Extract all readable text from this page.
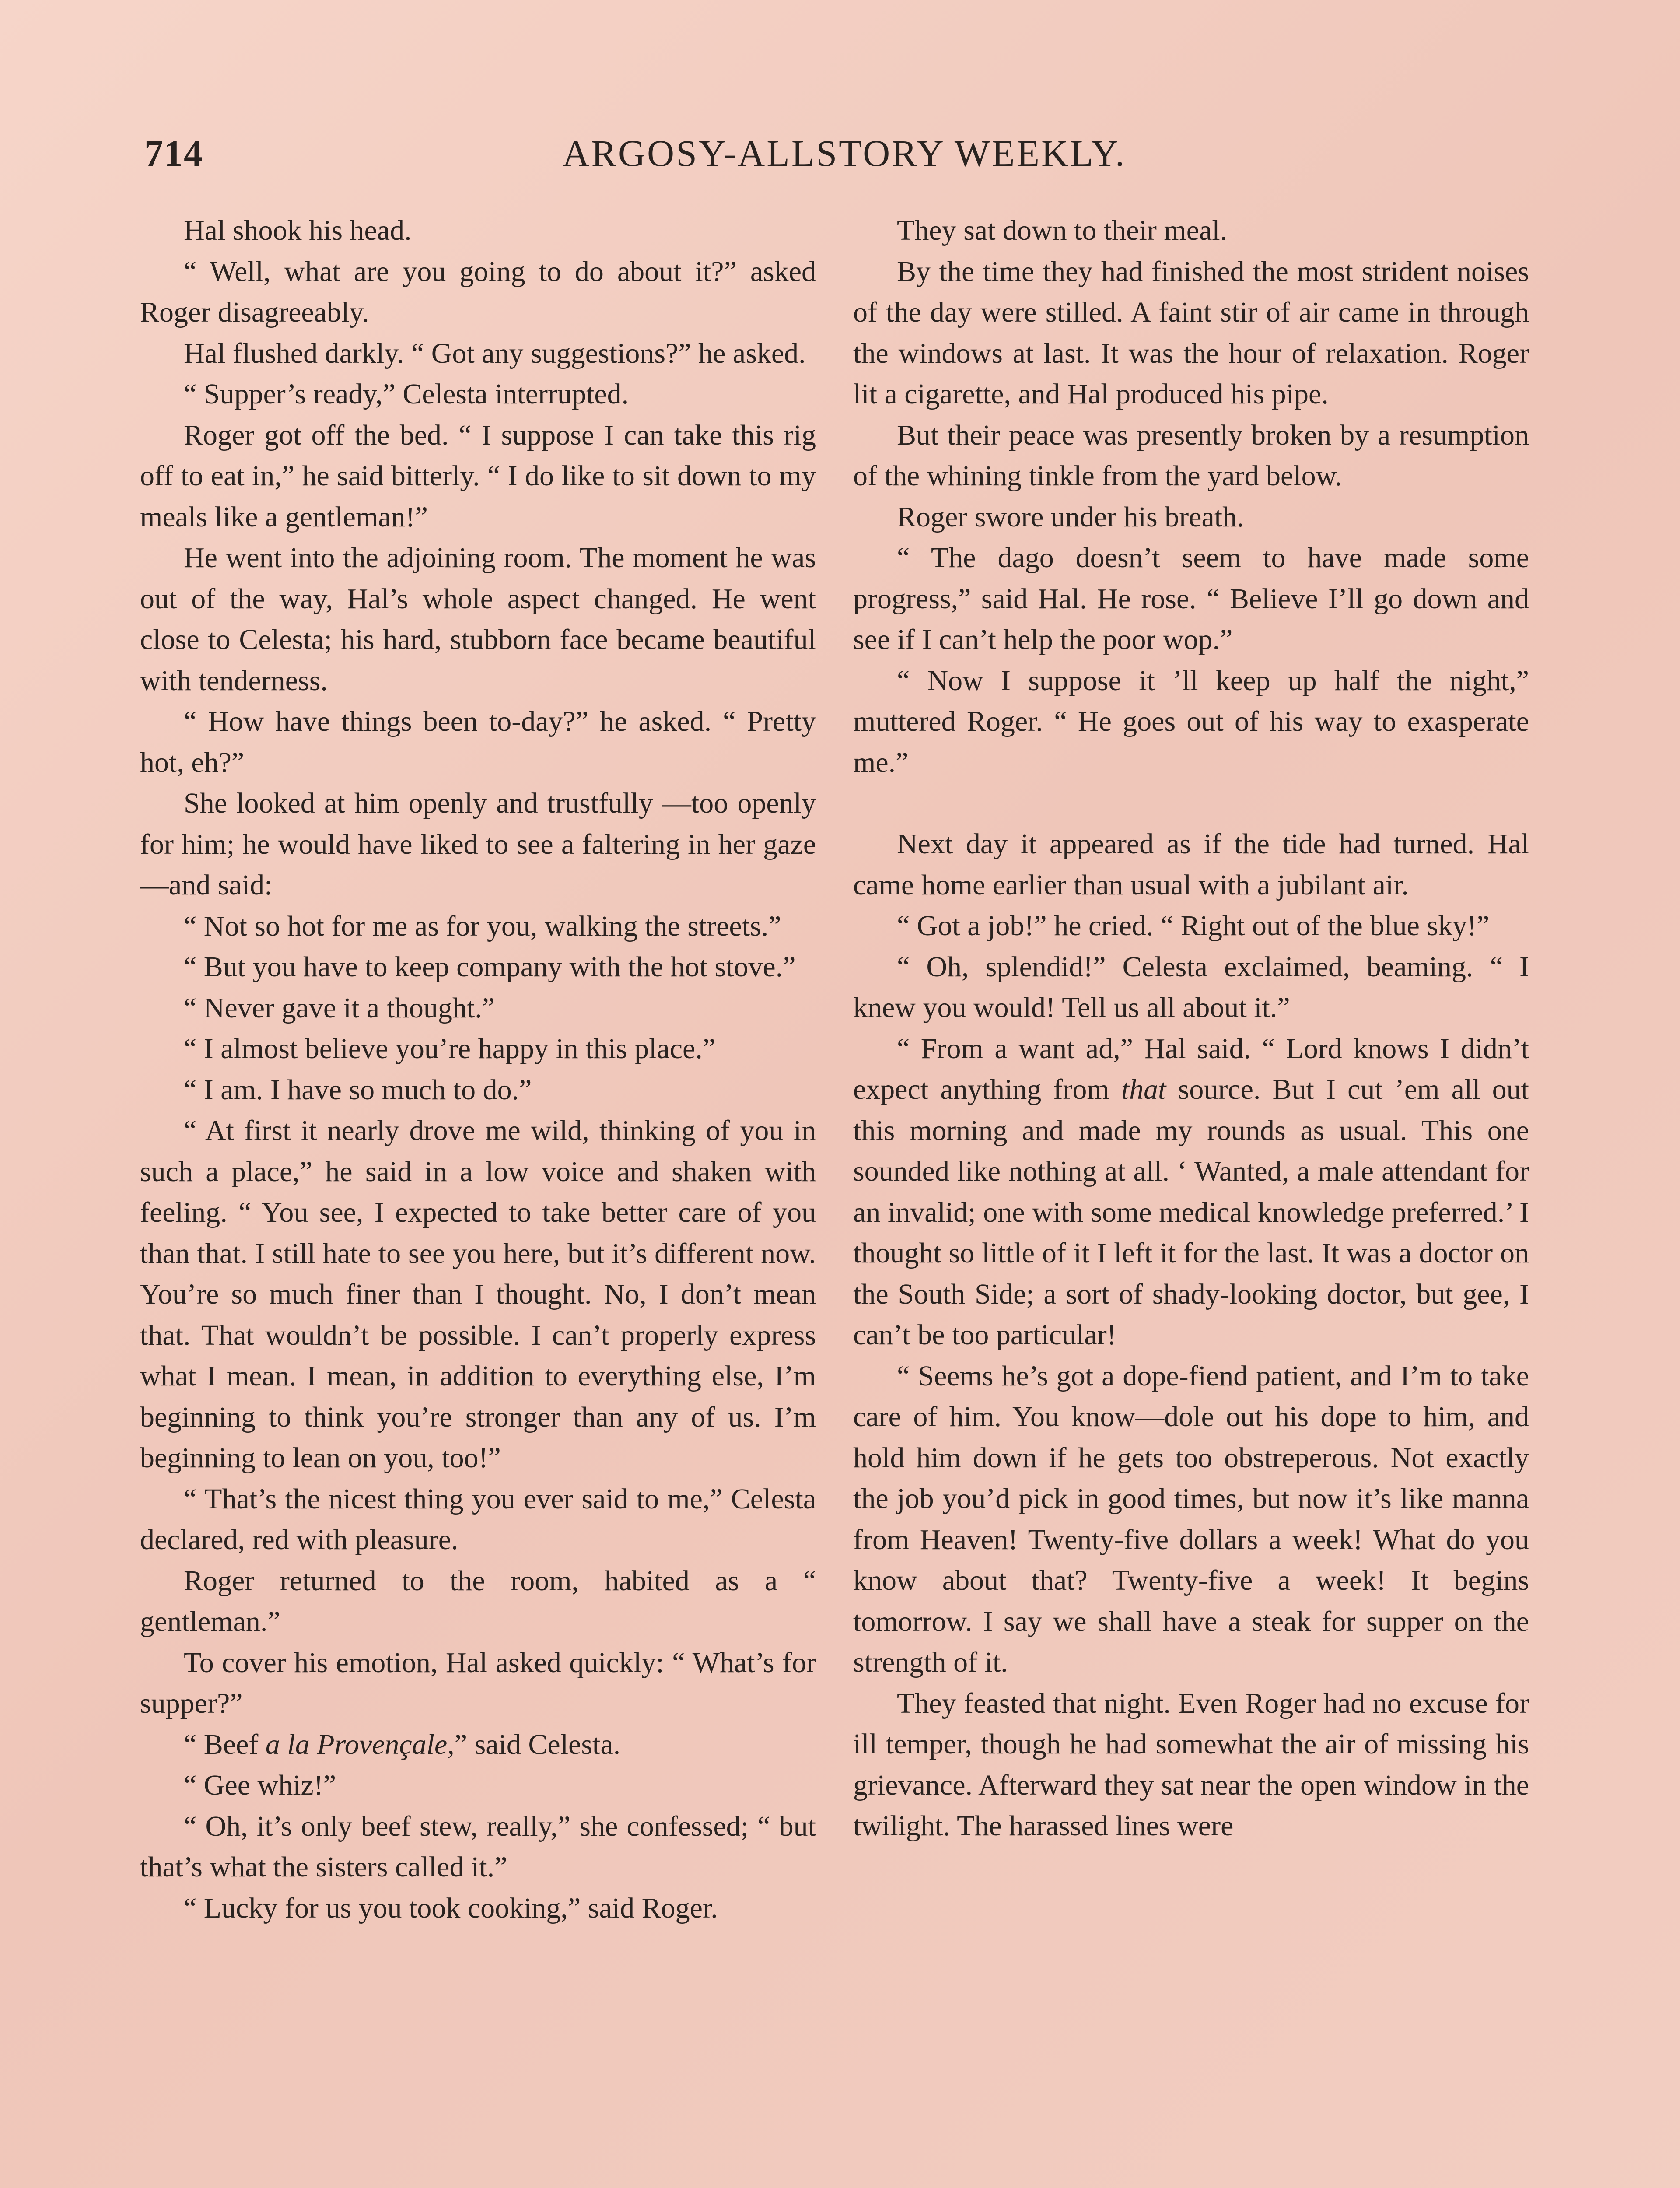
714	ARGOSY-ALLSTORY WEEKLY.

Hal shook his head.

“ Well, what are you going to do about it?” asked Roger disagreeably.

Hal flushed darkly. “ Got any suggestions?” he asked.

“ Supper’s ready,” Celesta interrupted.

Roger got off the bed. “ I suppose I can take this rig off to eat in,” he said bitterly. “ I do like to sit down to my meals like a gentleman!”

He went into the adjoining room. The moment he was out of the way, Hal’s whole aspect changed. He went close to Celesta; his hard, stubborn face became beautiful with tenderness.

“ How have things been to-day?” he asked. “ Pretty hot, eh?”

She looked at him openly and trustfully —too openly for him; he would have liked to see a faltering in her gaze—and said:

“ Not so hot for me as for you, walking the streets.”

“ But you have to keep company with the hot stove.”

“ Never gave it a thought.”

“ I almost believe you’re happy in this place.”

“ I am. I have so much to do.”

“ At first it nearly drove me wild, thinking of you in such a place,” he said in a low voice and shaken with feeling. “ You see, I expected to take better care of you than that. I still hate to see you here, but it’s different now. You’re so much finer than I thought. No, I don’t mean that. That wouldn’t be possible. I can’t properly express what I mean. I mean, in addition to everything else, I’m beginning to think you’re stronger than any of us. I’m beginning to lean on you, too!”

“ That’s the nicest thing you ever said to me,” Celesta declared, red with pleasure.

Roger returned to the room, habited as a “ gentleman.”

To cover his emotion, Hal asked quickly: “ What’s for supper?”

“ Beef a la Provençale,” said Celesta.

“ Gee whiz!”

“ Oh, it’s only beef stew, really,” she confessed; “ but that’s what the sisters called it.”

“ Lucky for us you took cooking,” said Roger.

They sat down to their meal.

By the time they had finished the most strident noises of the day were stilled. A faint stir of air came in through the windows at last. It was the hour of relaxation. Roger lit a cigarette, and Hal produced his pipe.

But their peace was presently broken by a resumption of the whining tinkle from the yard below.

Roger swore under his breath.

“ The dago doesn’t seem to have made some progress,” said Hal. He rose. “ Believe I’ll go down and see if I can’t help the poor wop.”

“ Now I suppose it ’ll keep up half the night,” muttered Roger. “ He goes out of his way to exasperate me.”

Next day it appeared as if the tide had turned. Hal came home earlier than usual with a jubilant air.

“ Got a job!” he cried. “ Right out of the blue sky!”

“ Oh, splendid!” Celesta exclaimed, beaming. “ I knew you would! Tell us all about it.”

“ From a want ad,” Hal said. “ Lord knows I didn’t expect anything from that source. But I cut ’em all out this morning and made my rounds as usual. This one sounded like nothing at all. ‘ Wanted, a male attendant for an invalid; one with some medical knowledge preferred.’ I thought so little of it I left it for the last. It was a doctor on the South Side; a sort of shady-looking doctor, but gee, I can’t be too particular!

“ Seems he’s got a dope-fiend patient, and I’m to take care of him. You know—dole out his dope to him, and hold him down if he gets too obstreperous. Not exactly the job you’d pick in good times, but now it’s like manna from Heaven! Twenty-five dollars a week! What do you know about that? Twenty-five a week! It begins tomorrow. I say we shall have a steak for supper on the strength of it.

They feasted that night. Even Roger had no excuse for ill temper, though he had somewhat the air of missing his grievance. Afterward they sat near the open window in the twilight. The harassed lines were
